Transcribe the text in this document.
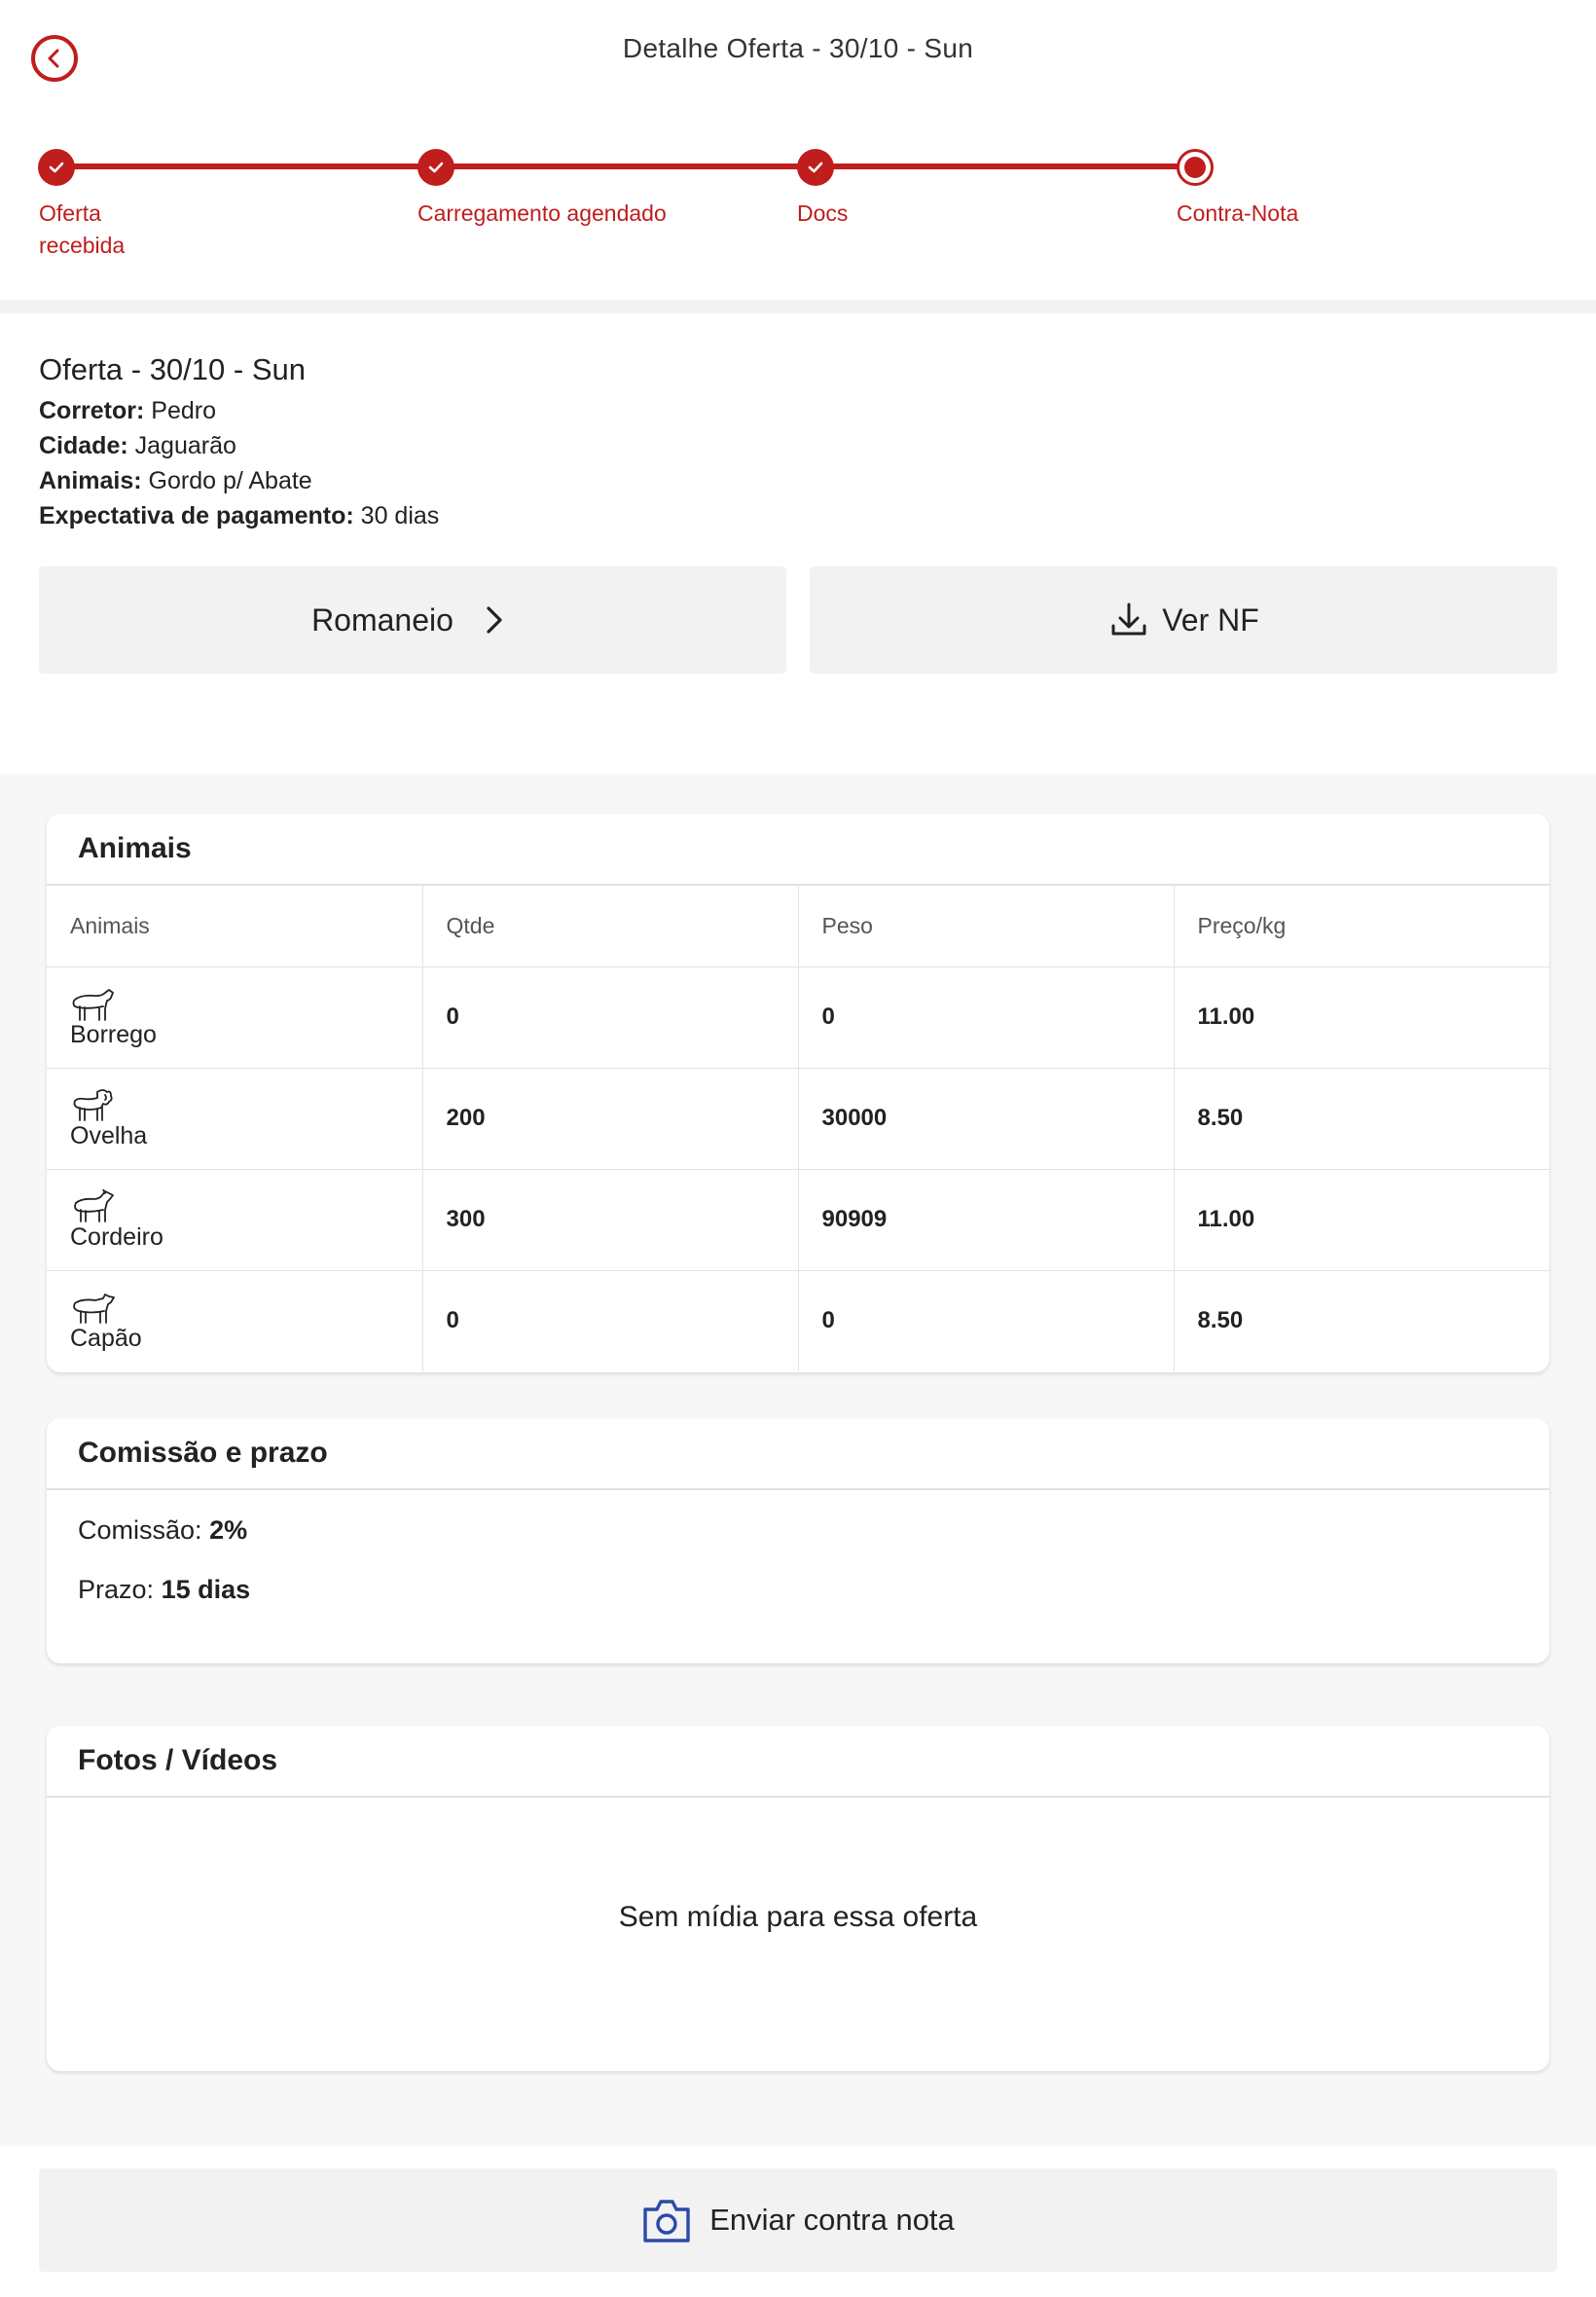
Detalhe Oferta - 30/10 - Sun
Oferta
recebida
Carregamento agendado	Docs	Contra-Nota
Oferta - 30/10 - Sun
Corretor: Pedro
Cidade: Jaguarão
Animais: Gordo p/ Abate
Expectativa de pagamento: 30 dias
Romaneio	Ver NF
Animais
Animais	Qtde	Peso	Preço/kg

Borrego	0	0	11.00

Ovelha	200	30000	8.50

Cordeiro	300	90909	11.00

Capão	0	0	8.50
Comissão e prazo
Comissão: 2%
Prazo: 15 dias
Fotos / Vídeos
Sem mídia para essa oferta
Enviar contra nota
